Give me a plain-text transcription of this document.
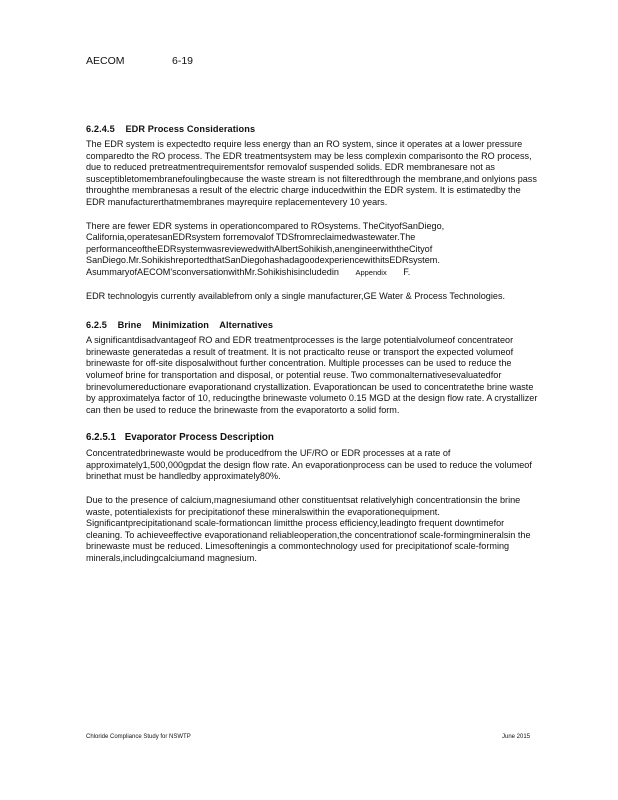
AECOM	6-19
6.2.4.5 EDR Process Considerations

The EDR system is expectedto require less energy than an RO system, since it operates at a lower pressure comparedto the RO process. The EDR treatmentsystem may be less complexin comparisonto the RO process, due to reduced pretreatmentrequirementsfor removalof suspended solids. EDR membranesare not as susceptibletomembranefoulingbecause the waste stream is not filteredthrough the membrane,and onlyions pass throughthe membranesas a result of the electric charge inducedwithin the EDR system. It is estimatedby the EDR manufacturerthatmembranes mayrequire replacementevery 10 years.

There are fewer EDR systems in operationcompared to ROsystems. TheCityofSanDiego, California,operatesanEDRsystem forremovalof TDSfromreclaimedwastewater.The performanceoftheEDRsystemwasreviewedwithAlbertSohikish,anengineerwiththeCityof SanDiego.Mr.SohikishreportedthatSanDiegohashadagoodexperiencewithitsEDRsystem. AsummaryofAECOM'sconversationwithMr.Sohikishisincludedin Appendix F.

EDR technologyis currently availablefrom only a single manufacturer,GE Water & Process Technologies.

6.2.5 Brine    Minimization    Alternatives

A significantdisadvantageof RO and EDR treatmentprocesses is the large potentialvolumeof concentrateor brinewaste generatedas a result of treatment. It is not practicalto reuse or transport the expected volumeof brinewaste for off-site disposalwithout further concentration. Multiple processes can be used to reduce the volumeof brine for transportation and disposal, or potential reuse. Two commonalternativesevaluatedfor brinevolumereductionare evaporationand crystallization. Evaporationcan be used to concentratethe brine waste by approximatelya factor of 10, reducingthe brinewaste volumeto 0.15 MGD at the design flow rate. A crystallizer can then be used to reduce the brinewaste from the evaporatorto a solid form.

6.2.5.1 Evaporator Process Description

Concentratedbrinewaste would be producedfrom the UF/RO or EDR processes at a rate of approximately1,500,000gpdat the design flow rate. An evaporationprocess can be used to reduce the volumeof brinethat must be handledby approximately80%.

Due to the presence of calcium,magnesiumand other constituentsat relativelyhigh concentrationsin the brine waste, potentialexists for precipitationof these mineralswithin the evaporationequipment. Significantprecipitationand scale-formationcan limitthe process efficiency,leadingto frequent downtimefor cleaning. To achieveeffective evaporationand reliableoperation,the concentrationof scale-formingmineralsin the brinewaste must be reduced. Limesofteningis a commontechnology used for precipitationof scale-forming minerals,includingcalciumand magnesium.

Chloride Compliance Study for NSWTP	June 2015
